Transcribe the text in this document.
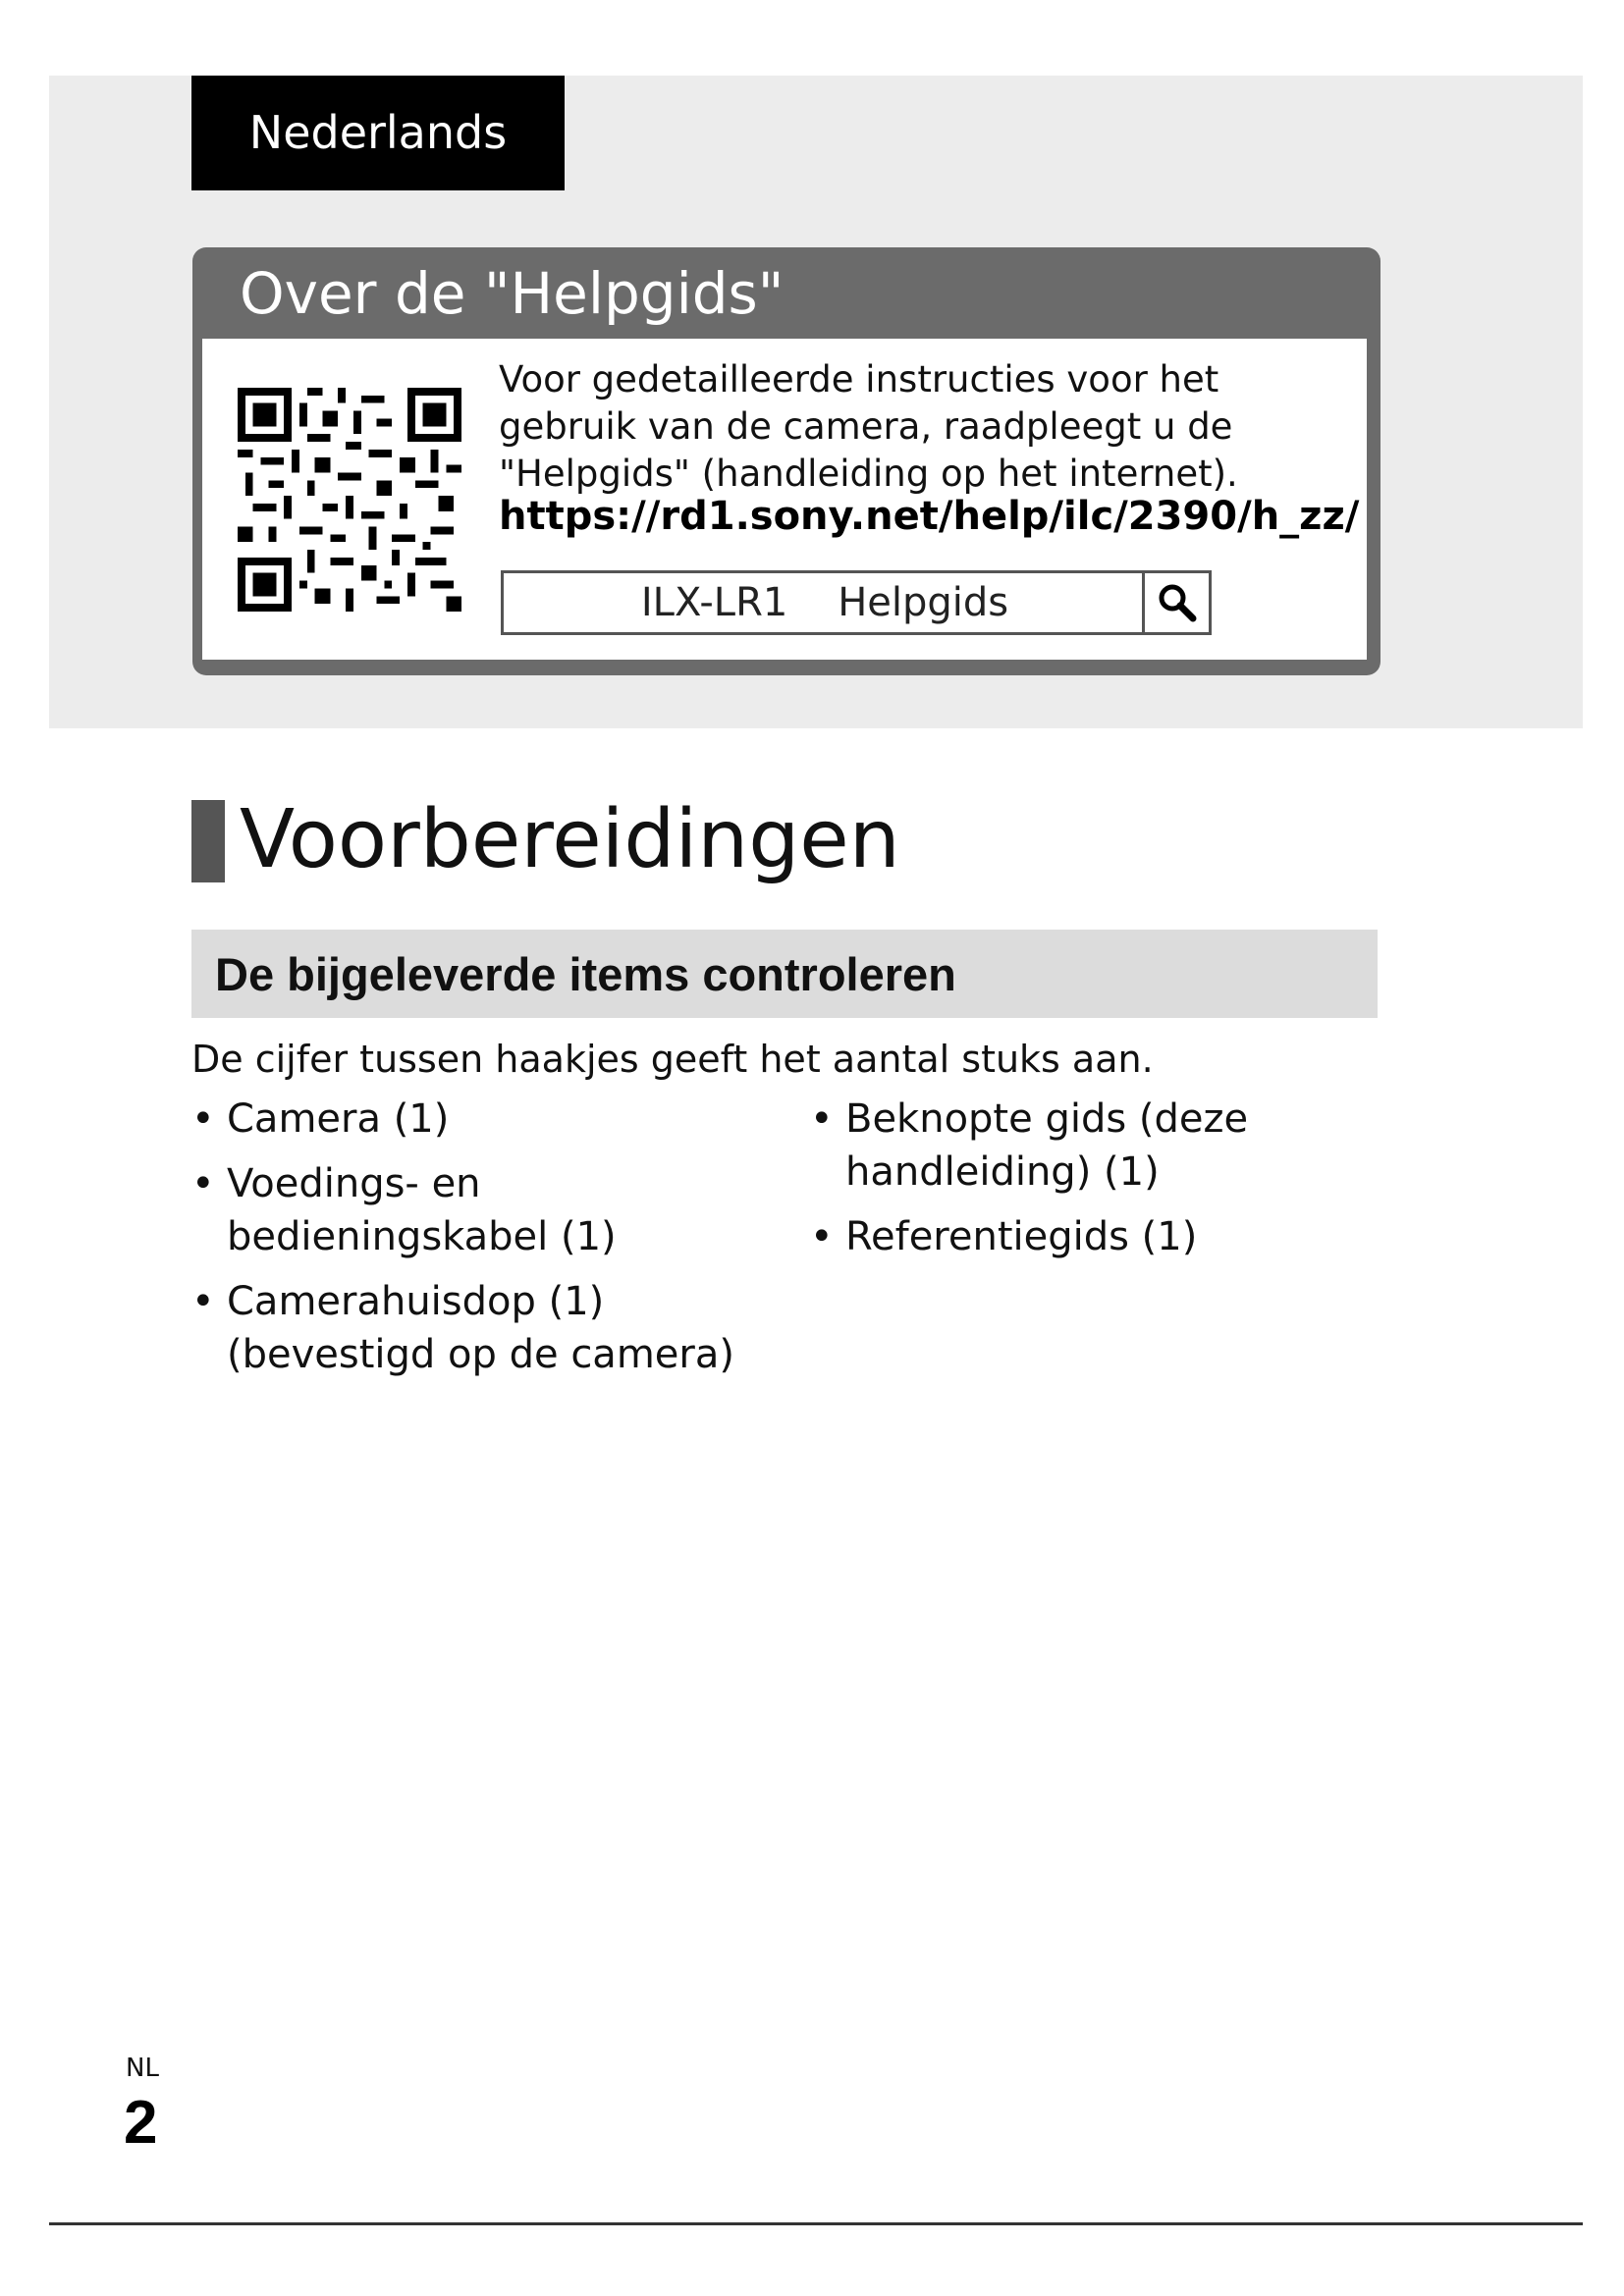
Nederlands
Over de "Helpgids"
Voor gedetailleerde instructies voor het gebruik van de camera, raadpleegt u de "Helpgids" (handleiding op het internet).
https://rd1.sony.net/help/ilc/2390/h_zz/
ILX-LR1    Helpgids
Voorbereidingen
De bijgeleverde items controleren
De cijfer tussen haakjes geeft het aantal stuks aan.
• Camera (1)
• Voedings- en bedieningskabel (1)
• Camerahuisdop (1) (bevestigd op de camera)
• Beknopte gids (deze handleiding) (1)
• Referentiegids (1)
NL
2
